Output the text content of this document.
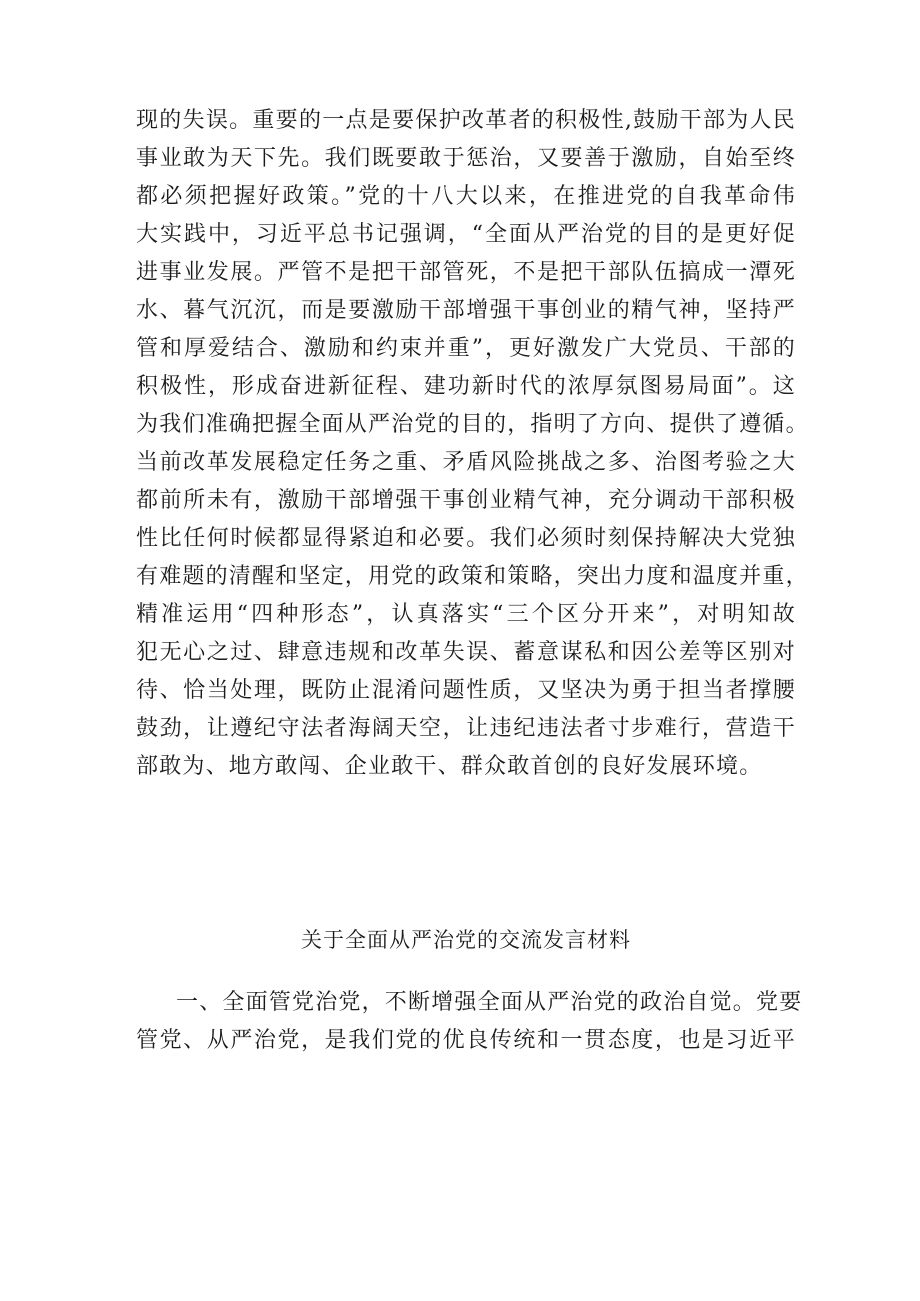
现的失误。重要的一点是要保护改革者的积极性,鼓励干部为人民
事业敢为天下先。我们既要敢于惩治，又要善于激励，自始至终
都必须把握好政策。”党的十八大以来，在推进党的自我革命伟
大实践中，习近平总书记强调，“全面从严治党的目的是更好促
进事业发展。严管不是把干部管死，不是把干部队伍搞成一潭死
水、暮气沉沉，而是要激励干部增强干事创业的精气神，坚持严
管和厚爱结合、激励和约束并重”，更好激发广大党员、干部的
积极性，形成奋进新征程、建功新时代的浓厚氛图易局面”。这
为我们准确把握全面从严治党的目的，指明了方向、提供了遵循。
当前改革发展稳定任务之重、矛盾风险挑战之多、治图考验之大
都前所未有，激励干部增强干事创业精气神，充分调动干部积极
性比任何时候都显得紧迫和必要。我们必须时刻保持解决大党独
有难题的清醒和坚定，用党的政策和策略，突出力度和温度并重，
精准运用“四种形态”，认真落实“三个区分开来”，对明知故
犯无心之过、肆意违规和改革失误、蓄意谋私和因公差等区别对
待、恰当处理，既防止混淆问题性质，又坚决为勇于担当者撑腰
鼓劲，让遵纪守法者海阔天空，让违纪违法者寸步难行，营造干
部敢为、地方敢闯、企业敢干、群众敢首创的良好发展环境。
关于全面从严治党的交流发言材料
一、全面管党治党，不断增强全面从严治党的政治自觉。党要
管党、从严治党，是我们党的优良传统和一贯态度，也是习近平
